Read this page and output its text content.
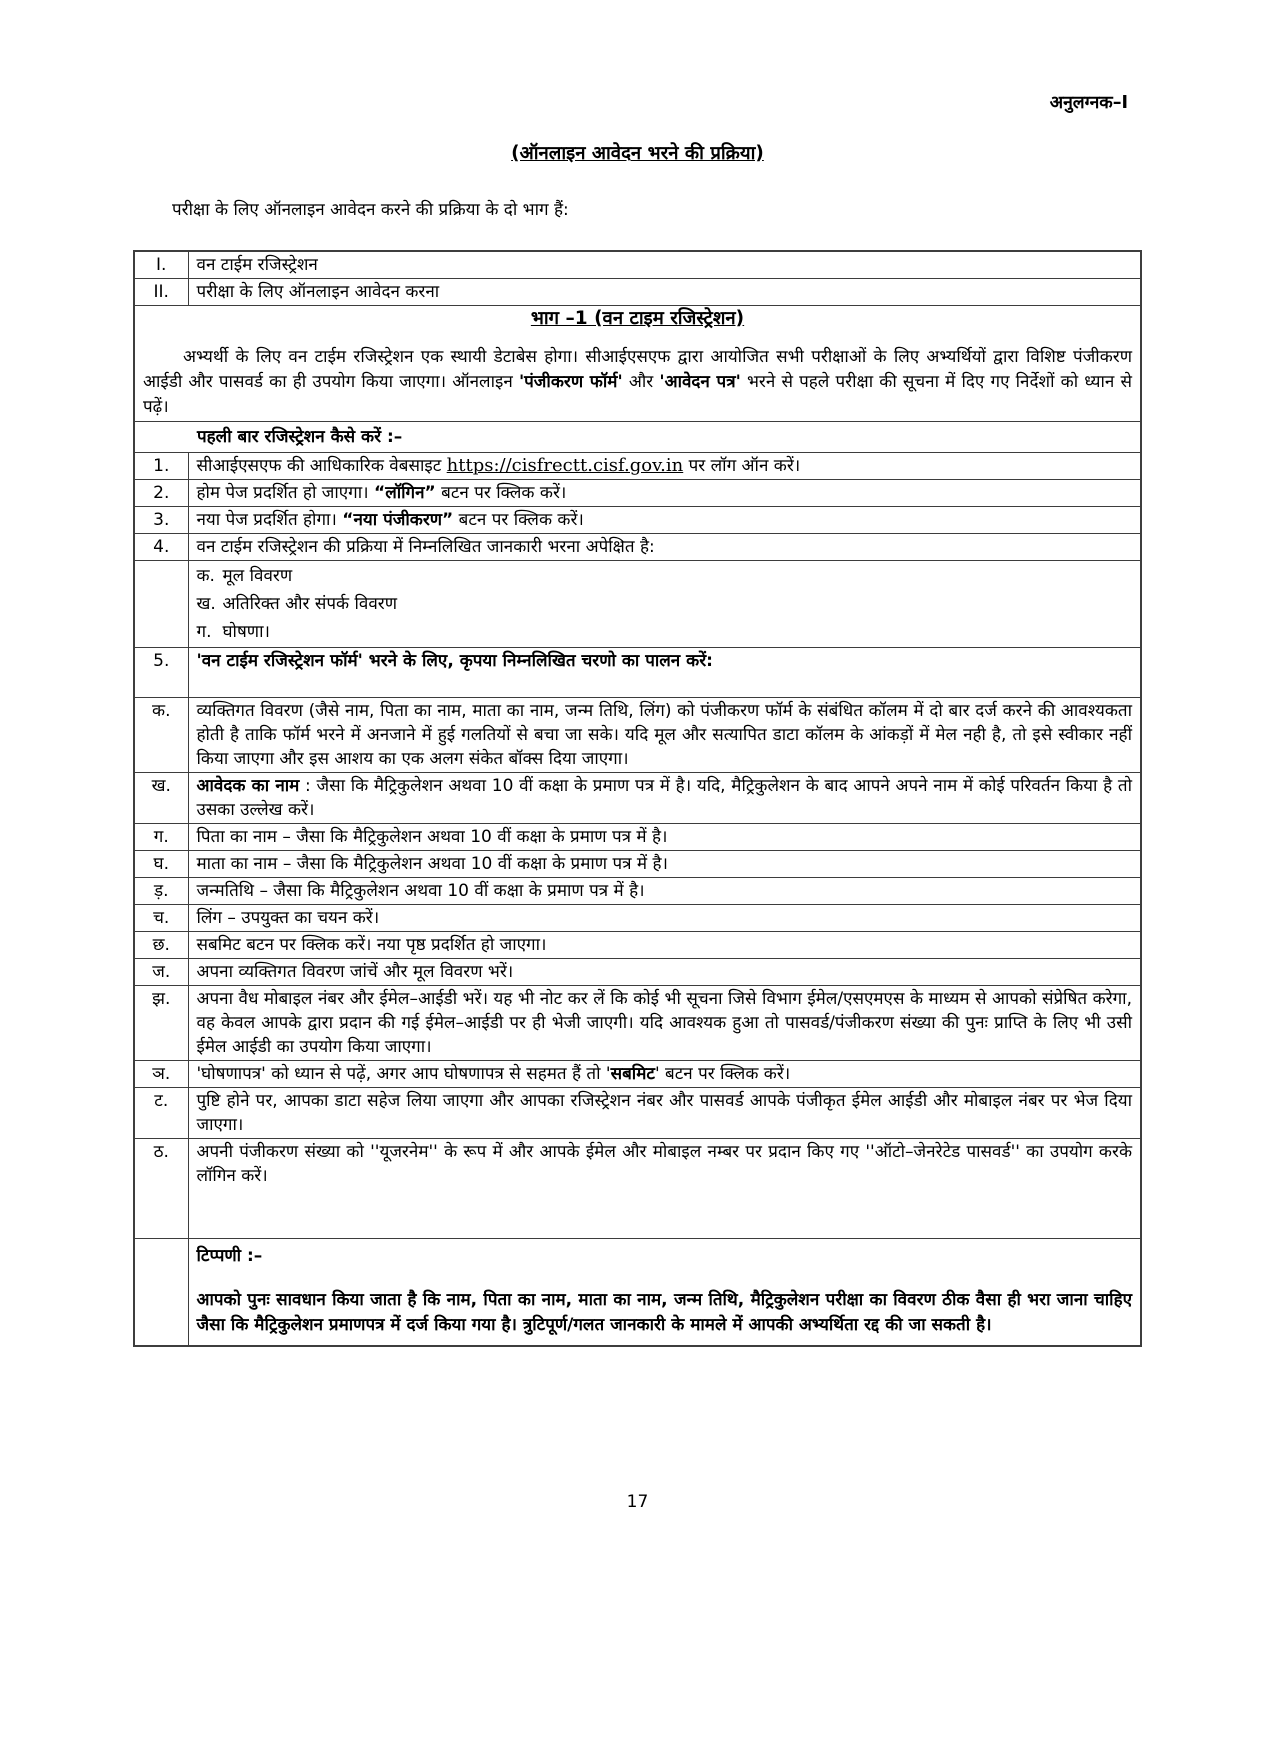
अनुलग्नक–I
(ऑनलाइन आवेदन भरने की प्रक्रिया)
परीक्षा के लिए ऑनलाइन आवेदन करने की प्रक्रिया के दो भाग हैं:
I.	वन टाईम रजिस्ट्रेशन
II.	परीक्षा के लिए ऑनलाइन आवेदन करना

भाग –1 (वन टाइम रजिस्ट्रेशन)
अभ्यर्थी के लिए वन टाईम रजिस्ट्रेशन एक स्थायी डेटाबेस होगा। सीआईएसएफ द्वारा आयोजित सभी परीक्षाओं के लिए अभ्यर्थियों द्वारा विशिष्ट पंजीकरण आईडी और पासवर्ड का ही उपयोग किया जाएगा। ऑनलाइन 'पंजीकरण फॉर्म' और 'आवेदन पत्र' भरने से पहले परीक्षा की सूचना में दिए गए निर्देशों को ध्यान से पढ़ें।	

पहली बार रजिस्ट्रेशन कैसे करें :–	
1.	सीआईएसएफ की आधिकारिक वेबसाइट https://cisfrectt.cisf.gov.in पर लॉग ऑन करें।
2.	होम पेज प्रदर्शित हो जाएगा। “लॉगिन” बटन पर क्लिक करें।
3.	नया पेज प्रदर्शित होगा। “नया पंजीकरण” बटन पर क्लिक करें।
4.	वन टाईम रजिस्ट्रेशन की प्रक्रिया में निम्नलिखित जानकारी भरना अपेक्षित है:

	क. मूल विवरण
ख. अतिरिक्त और संपर्क विवरण
ग. घोषणा।

5.	'वन टाईम रजिस्ट्रेशन फॉर्म' भरने के लिए, कृपया निम्नलिखित चरणो का पालन करें:
क.	व्यक्तिगत विवरण (जैसे नाम, पिता का नाम, माता का नाम, जन्म तिथि, लिंग) को पंजीकरण फॉर्म के संबंधित कॉलम में दो बार दर्ज करने की आवश्यकता होती है ताकि फॉर्म भरने में अनजाने में हुई गलतियों से बचा जा सके। यदि मूल और सत्यापित डाटा कॉलम के आंकड़ों में मेल नही है, तो इसे स्वीकार नहीं किया जाएगा और इस आशय का एक अलग संकेत बॉक्स दिया जाएगा।
ख.	आवेदक का नाम : जैसा कि मैट्रिकुलेशन अथवा 10 वीं कक्षा के प्रमाण पत्र में है। यदि, मैट्रिकुलेशन के बाद आपने अपने नाम में कोई परिवर्तन किया है तो उसका उल्लेख करें।
ग.	पिता का नाम – जैसा कि मैट्रिकुलेशन अथवा 10 वीं कक्षा के प्रमाण पत्र में है।
घ.	माता का नाम – जैसा कि मैट्रिकुलेशन अथवा 10 वीं कक्षा के प्रमाण पत्र में है।
ड़.	जन्मतिथि – जैसा कि मैट्रिकुलेशन अथवा 10 वीं कक्षा के प्रमाण पत्र में है।
च.	लिंग – उपयुक्त का चयन करें।
छ.	सबमिट बटन पर क्लिक करें। नया पृष्ठ प्रदर्शित हो जाएगा।
ज.	अपना व्यक्तिगत विवरण जांचें और मूल विवरण भरें।
झ.	अपना वैध मोबाइल नंबर और ईमेल–आईडी भरें। यह भी नोट कर लें कि कोई भी सूचना जिसे विभाग ईमेल/एसएमएस के माध्यम से आपको संप्रेषित करेगा, वह केवल आपके द्वारा प्रदान की गई ईमेल–आईडी पर ही भेजी जाएगी। यदि आवश्यक हुआ तो पासवर्ड/पंजीकरण संख्या की पुनः प्राप्ति के लिए भी उसी ईमेल आईडी का उपयोग किया जाएगा।
ञ.	'घोषणापत्र' को ध्यान से पढ़ें, अगर आप घोषणापत्र से सहमत हैं तो 'सबमिट' बटन पर क्लिक करें।
ट.	पुष्टि होने पर, आपका डाटा सहेज लिया जाएगा और आपका रजिस्ट्रेशन नंबर और पासवर्ड आपके पंजीकृत ईमेल आईडी और मोबाइल नंबर पर भेज दिया जाएगा।
ठ.	अपनी पंजीकरण संख्या को ''यूजरनेम'' के रूप में और आपके ईमेल और मोबाइल नम्बर पर प्रदान किए गए ''ऑटो–जेनरेटेड पासवर्ड'' का उपयोग करके लॉगिन करें।

	टिप्पणी :–
आपको पुनः सावधान किया जाता है कि नाम, पिता का नाम, माता का नाम, जन्म तिथि, मैट्रिकुलेशन परीक्षा का विवरण ठीक वैसा ही भरा जाना चाहिए जैसा कि मैट्रिकुलेशन प्रमाणपत्र में दर्ज किया गया है। त्रुटिपूर्ण/गलत जानकारी के मामले में आपकी अभ्यर्थिता रद्द की जा सकती है।
17
